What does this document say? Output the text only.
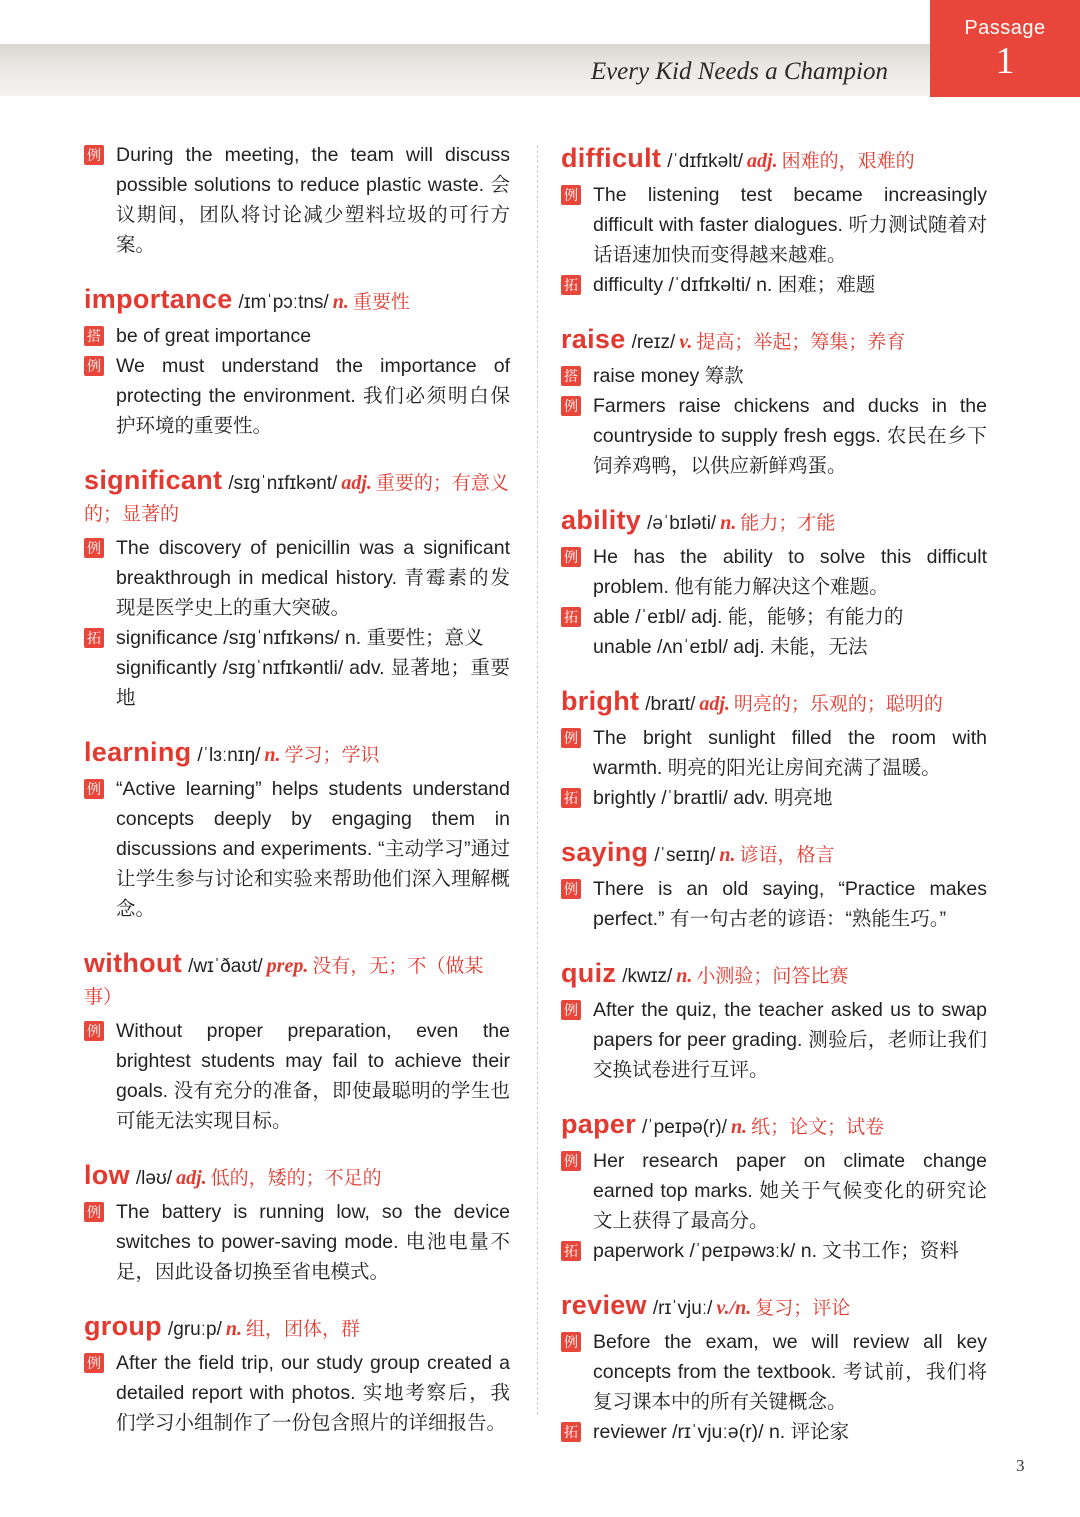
Every Kid Needs a Champion
Passage
1
例 During the meeting, the team will discuss possible solutions to reduce plastic waste. 会议期间，团队将讨论减少塑料垃圾的可行方案。
importance /ɪmˈpɔːtns/ n. 重要性
搭 be of great importance
例 We must understand the importance of protecting the environment. 我们必须明白保护环境的重要性。
significant /sɪɡˈnɪfɪkənt/ adj. 重要的；有意义的；显著的
例 The discovery of penicillin was a significant breakthrough in medical history. 青霉素的发现是医学史上的重大突破。
拓 significance /sɪɡˈnɪfɪkəns/ n. 重要性；意义
significantly /sɪɡˈnɪfɪkəntli/ adv. 显著地；重要地
learning /ˈlɜːnɪŋ/ n. 学习；学识
例 “Active learning” helps students understand concepts deeply by engaging them in discussions and experiments. “主动学习”通过让学生参与讨论和实验来帮助他们深入理解概念。
without /wɪˈðaʊt/ prep. 没有，无；不（做某事）
例 Without proper preparation, even the brightest students may fail to achieve their goals. 没有充分的准备，即使最聪明的学生也可能无法实现目标。
low /ləʊ/ adj. 低的，矮的；不足的
例 The battery is running low, so the device switches to power-saving mode. 电池电量不足，因此设备切换至省电模式。
group /ɡruːp/ n. 组，团体，群
例 After the field trip, our study group created a detailed report with photos. 实地考察后，我们学习小组制作了一份包含照片的详细报告。
difficult /ˈdɪfɪkəlt/ adj. 困难的，艰难的
例 The listening test became increasingly difficult with faster dialogues. 听力测试随着对话语速加快而变得越来越难。
拓 difficulty /ˈdɪfɪkəlti/ n. 困难；难题
raise /reɪz/ v. 提高；举起；筹集；养育
搭 raise money 筹款
例 Farmers raise chickens and ducks in the countryside to supply fresh eggs. 农民在乡下饲养鸡鸭，以供应新鲜鸡蛋。
ability /əˈbɪləti/ n. 能力；才能
例 He has the ability to solve this difficult problem. 他有能力解决这个难题。
拓 able /ˈeɪbl/ adj. 能，能够；有能力的
unable /ʌnˈeɪbl/ adj. 未能，无法
bright /braɪt/ adj. 明亮的；乐观的；聪明的
例 The bright sunlight filled the room with warmth. 明亮的阳光让房间充满了温暖。
拓 brightly /ˈbraɪtli/ adv. 明亮地
saying /ˈseɪɪŋ/ n. 谚语，格言
例 There is an old saying, “Practice makes perfect.” 有一句古老的谚语：“熟能生巧。”
quiz /kwɪz/ n. 小测验；问答比赛
例 After the quiz, the teacher asked us to swap papers for peer grading. 测验后，老师让我们交换试卷进行互评。
paper /ˈpeɪpə(r)/ n. 纸；论文；试卷
例 Her research paper on climate change earned top marks. 她关于气候变化的研究论文上获得了最高分。
拓 paperwork /ˈpeɪpəwɜːk/ n. 文书工作；资料
review /rɪˈvjuː/ v./n. 复习；评论
例 Before the exam, we will review all key concepts from the textbook. 考试前，我们将复习课本中的所有关键概念。
拓 reviewer /rɪˈvjuːə(r)/ n. 评论家
3
